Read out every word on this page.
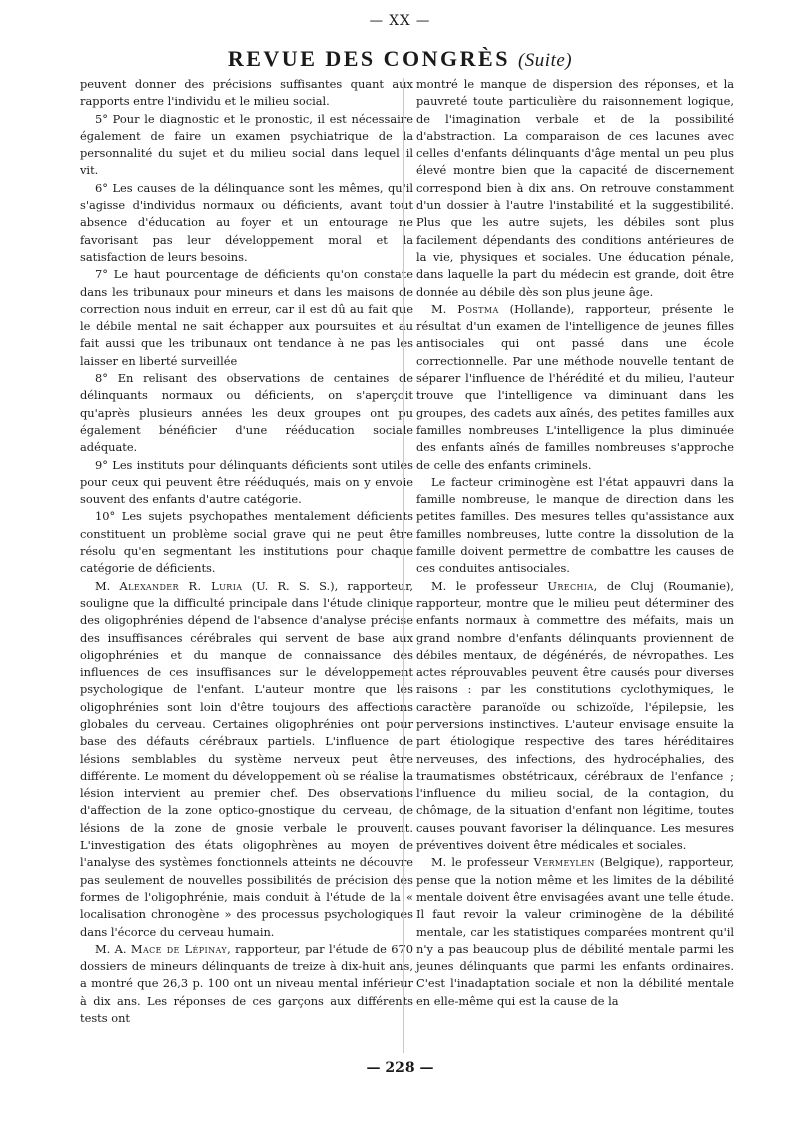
— XX —
REVUE DES CONGRÈS (Suite)

peuvent donner des précisions suffisantes quant aux rapports entre l'individu et le milieu social.

5° Pour le diagnostic et le pronostic, il est nécessaire également de faire un examen psychiatrique de la personnalité du sujet et du milieu social dans lequel il vit.

6° Les causes de la délinquance sont les mêmes, qu'il s'agisse d'individus normaux ou déficients, avant tout absence d'éducation au foyer et un entourage ne favorisant pas leur développement moral et la satisfaction de leurs besoins.

7° Le haut pourcentage de déficients qu'on constate dans les tribunaux pour mineurs et dans les maisons de correction nous induit en erreur, car il est dû au fait que le débile mental ne sait échapper aux poursuites et au fait aussi que les tribunaux ont tendance à ne pas les laisser en liberté surveillée

8° En relisant des observations de centaines de délinquants normaux ou déficients, on s'aperçoit qu'après plusieurs années les deux groupes ont pu également bénéficier d'une rééducation sociale adéquate.

9° Les instituts pour délinquants déficients sont utiles pour ceux qui peuvent être rééduqués, mais on y envoie souvent des enfants d'autre catégorie.

10° Les sujets psychopathes mentalement déficients constituent un problème social grave qui ne peut être résolu qu'en segmentant les institutions pour chaque catégorie de déficients.

M. Alexander R. Luria (U. R. S. S.), rapporteur, souligne que la difficulté principale dans l'étude clinique des oligophrénies dépend de l'absence d'analyse précise des insuffisances cérébrales qui servent de base aux oligophrénies et du manque de connaissance des influences de ces insuffisances sur le développement psychologique de l'enfant. L'auteur montre que les oligophrénies sont loin d'être toujours des affections globales du cerveau. Certaines oligophrénies ont pour base des défauts cérébraux partiels. L'influence de lésions semblables du système nerveux peut être différente. Le moment du développement où se réalise la lésion intervient au premier chef. Des observations d'affection de la zone optico-gnostique du cerveau, de lésions de la zone de gnosie verbale le prouvent. L'investigation des états oligophrènes au moyen de l'analyse des systèmes fonctionnels atteints ne découvre pas seulement de nouvelles possibilités de précision des formes de l'oligophrénie, mais conduit à l'étude de la « localisation chronogène » des processus psychologiques dans l'écorce du cerveau humain.

M. A. Mace de Lépinay, rapporteur, par l'étude de 670 dossiers de mineurs délinquants de treize à dix-huit ans, a montré que 26,3 p. 100 ont un niveau mental inférieur à dix ans. Les réponses de ces garçons aux différents tests ont

montré le manque de dispersion des réponses, et la pauvreté toute particulière du raisonnement logique, de l'imagination verbale et de la possibilité d'abstraction. La comparaison de ces lacunes avec celles d'enfants délinquants d'âge mental un peu plus élevé montre bien que la capacité de discernement correspond bien à dix ans. On retrouve constamment d'un dossier à l'autre l'instabilité et la suggestibilité. Plus que les autre sujets, les débiles sont plus facilement dépendants des conditions antérieures de la vie, physiques et sociales. Une éducation pénale, dans laquelle la part du médecin est grande, doit être donnée au débile dès son plus jeune âge.

M. Postma (Hollande), rapporteur, présente le résultat d'un examen de l'intelligence de jeunes filles antisociales qui ont passé dans une école correctionnelle. Par une méthode nouvelle tentant de séparer l'influence de l'hérédité et du milieu, l'auteur trouve que l'intelligence va diminuant dans les groupes, des cadets aux aînés, des petites familles aux familles nombreuses L'intelligence la plus diminuée des enfants aînés de familles nombreuses s'approche de celle des enfants criminels.

Le facteur criminogène est l'état appauvri dans la famille nombreuse, le manque de direction dans les petites familles. Des mesures telles qu'assistance aux familles nombreuses, lutte contre la dissolution de la famille doivent permettre de combattre les causes de ces conduites antisociales.

M. le professeur Urechia, de Cluj (Roumanie), rapporteur, montre que le milieu peut déterminer des enfants normaux à commettre des méfaits, mais un grand nombre d'enfants délinquants proviennent de débiles mentaux, de dégénérés, de névropathes. Les actes réprouvables peuvent être causés pour diverses raisons : par les constitutions cyclothymiques, le caractère paranoïde ou schizoïde, l'épilepsie, les perversions instinctives. L'auteur envisage ensuite la part étiologique respective des tares héréditaires nerveuses, des infections, des hydrocéphalies, des traumatismes obstétricaux, cérébraux de l'enfance ; l'influence du milieu social, de la contagion, du chômage, de la situation d'enfant non légitime, toutes causes pouvant favoriser la délinquance. Les mesures préventives doivent être médicales et sociales.

M. le professeur Vermeylen (Belgique), rapporteur, pense que la notion même et les limites de la débilité mentale doivent être envisagées avant une telle étude. Il faut revoir la valeur criminogène de la débilité mentale, car les statistiques comparées montrent qu'il n'y a pas beaucoup plus de débilité mentale parmi les jeunes délinquants que parmi les enfants ordinaires. C'est l'inadaptation sociale et non la débilité mentale en elle-même qui est la cause de la

— 228 —
